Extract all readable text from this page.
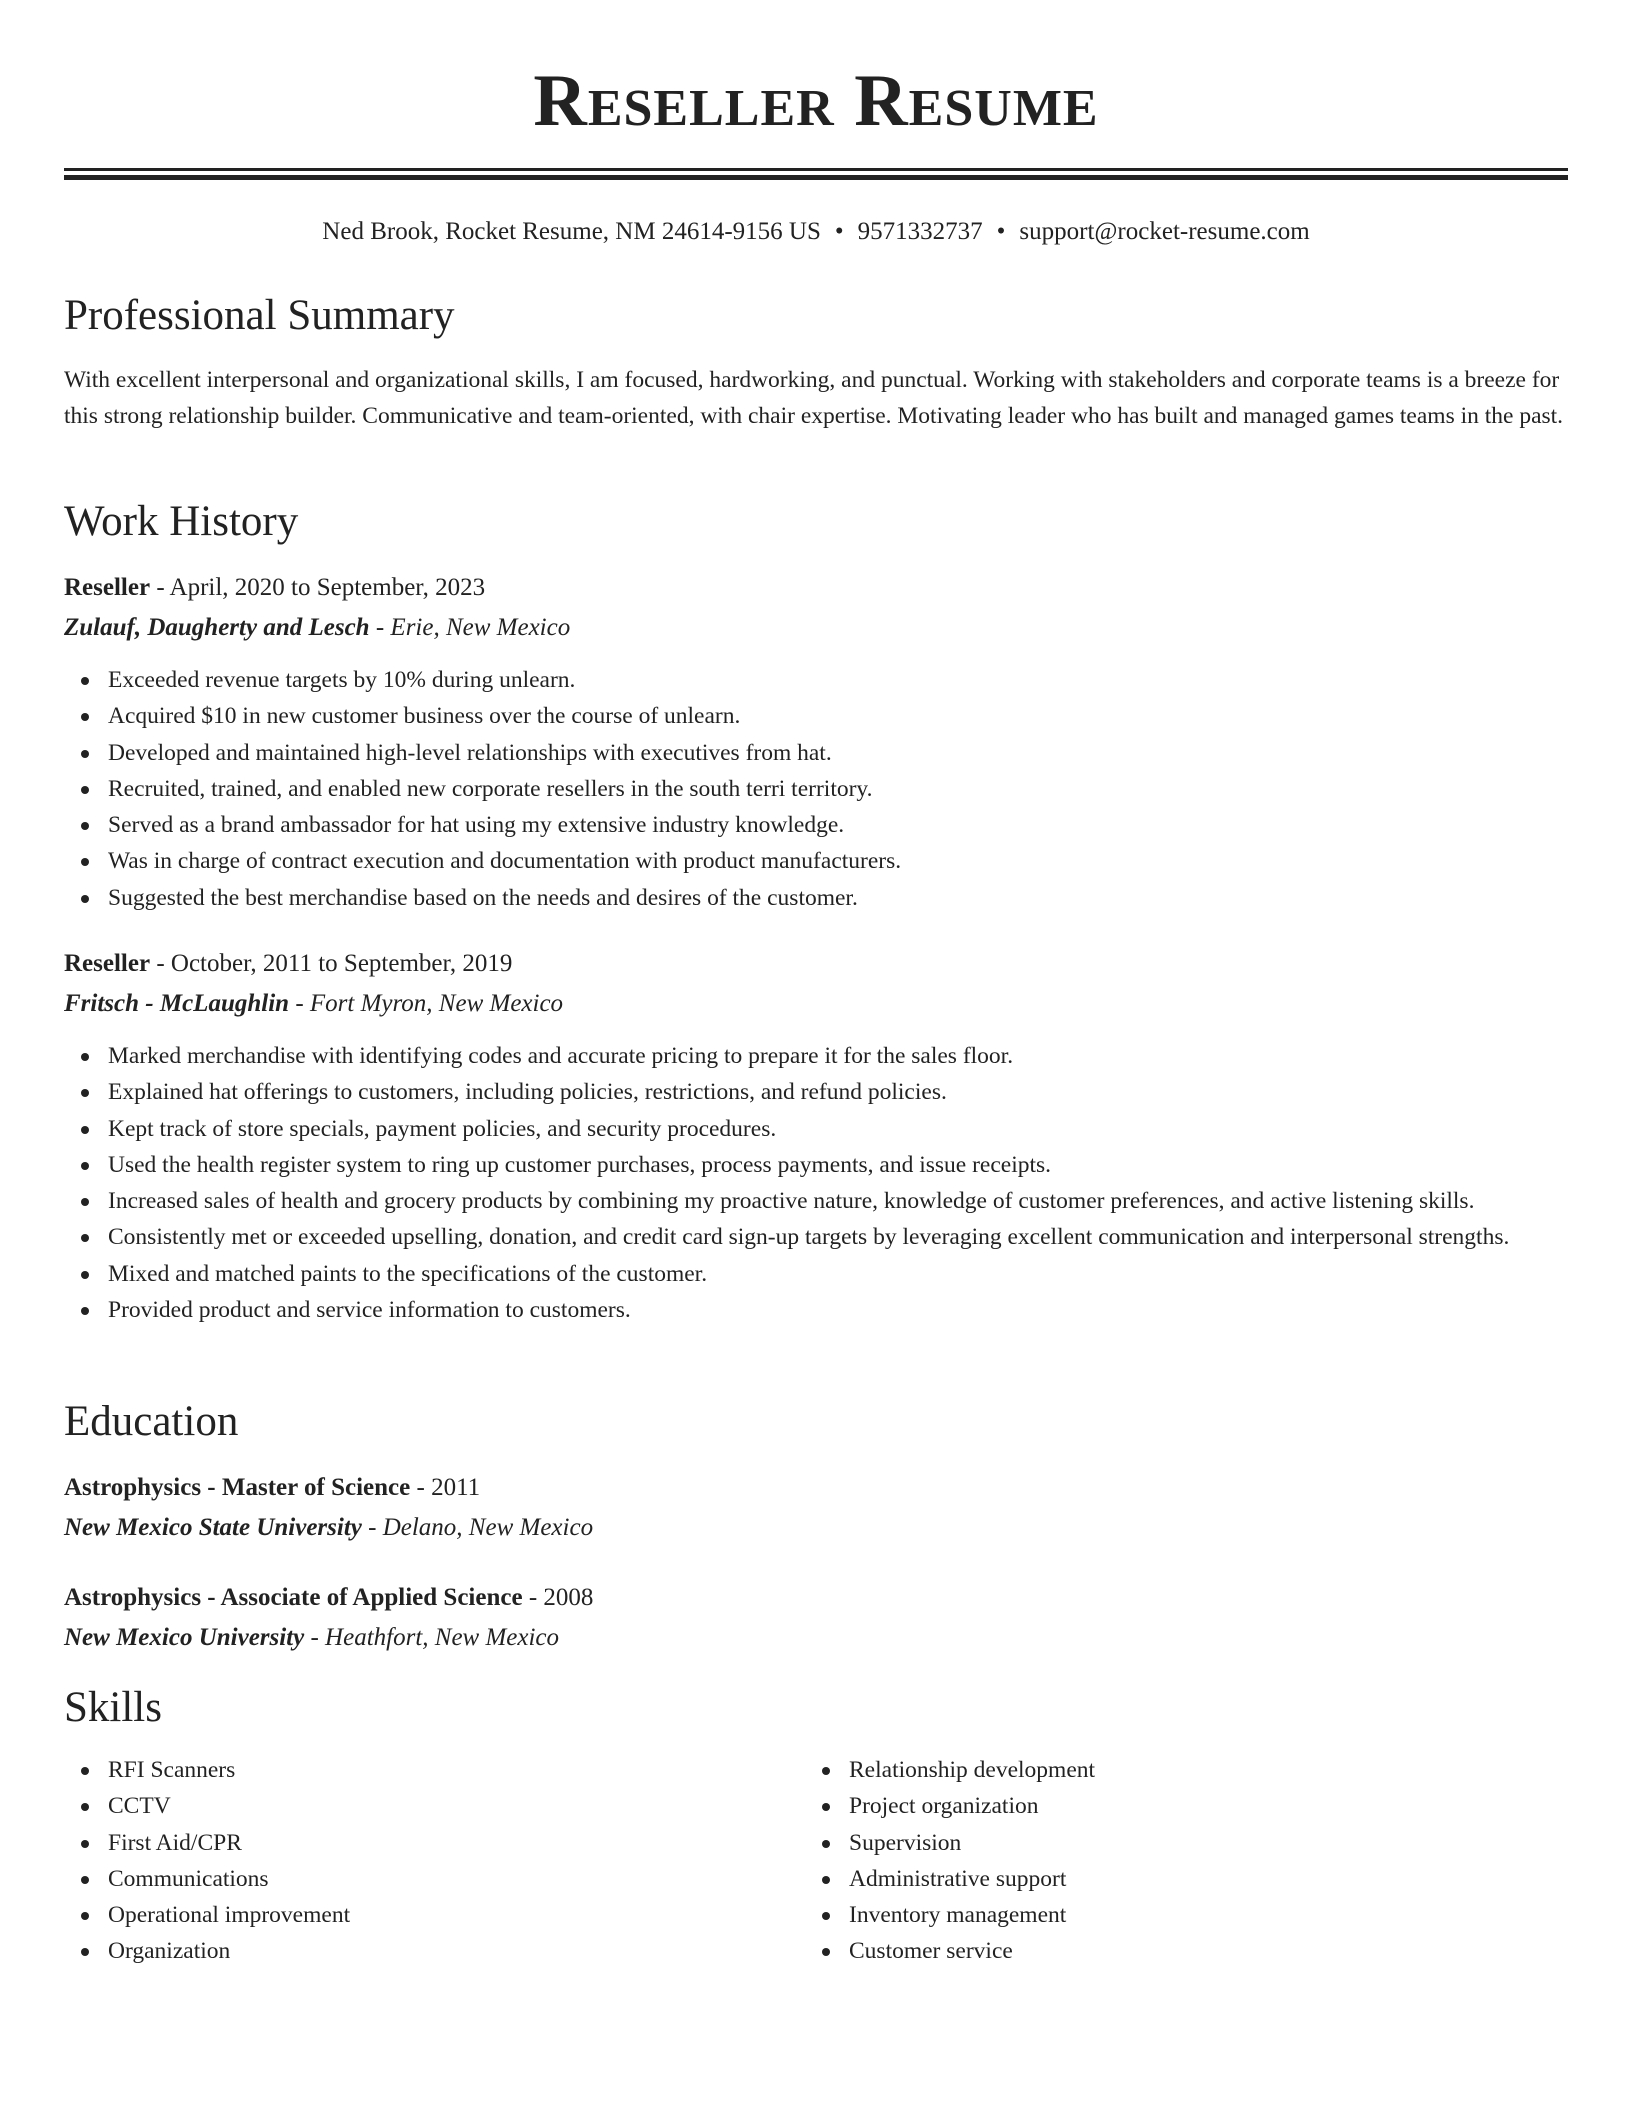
Reseller Resume
Ned Brook, Rocket Resume, NM 24614-9156 US • 9571332737 • support@rocket-resume.com
Professional Summary

With excellent interpersonal and organizational skills, I am focused, hardworking, and punctual. Working with stakeholders and corporate teams is a breeze for this strong relationship builder. Communicative and team-oriented, with chair expertise. Motivating leader who has built and managed games teams in the past.

Work History
Reseller - April, 2020 to September, 2023
Zulauf, Daugherty and Lesch - Erie, New Mexico
Exceeded revenue targets by 10% during unlearn.
Acquired $10 in new customer business over the course of unlearn.
Developed and maintained high-level relationships with executives from hat.
Recruited, trained, and enabled new corporate resellers in the south terri territory.
Served as a brand ambassador for hat using my extensive industry knowledge.
Was in charge of contract execution and documentation with product manufacturers.
Suggested the best merchandise based on the needs and desires of the customer.
Reseller - October, 2011 to September, 2019
Fritsch - McLaughlin - Fort Myron, New Mexico
Marked merchandise with identifying codes and accurate pricing to prepare it for the sales floor.
Explained hat offerings to customers, including policies, restrictions, and refund policies.
Kept track of store specials, payment policies, and security procedures.
Used the health register system to ring up customer purchases, process payments, and issue receipts.
Increased sales of health and grocery products by combining my proactive nature, knowledge of customer preferences, and active listening skills.
Consistently met or exceeded upselling, donation, and credit card sign-up targets by leveraging excellent communication and interpersonal strengths.
Mixed and matched paints to the specifications of the customer.
Provided product and service information to customers.
Education
Astrophysics - Master of Science - 2011
New Mexico State University - Delano, New Mexico
Astrophysics - Associate of Applied Science - 2008
New Mexico University - Heathfort, New Mexico
Skills
RFI Scanners
CCTV
First Aid/CPR
Communications
Operational improvement
Organization
Relationship development
Project organization
Supervision
Administrative support
Inventory management
Customer service
